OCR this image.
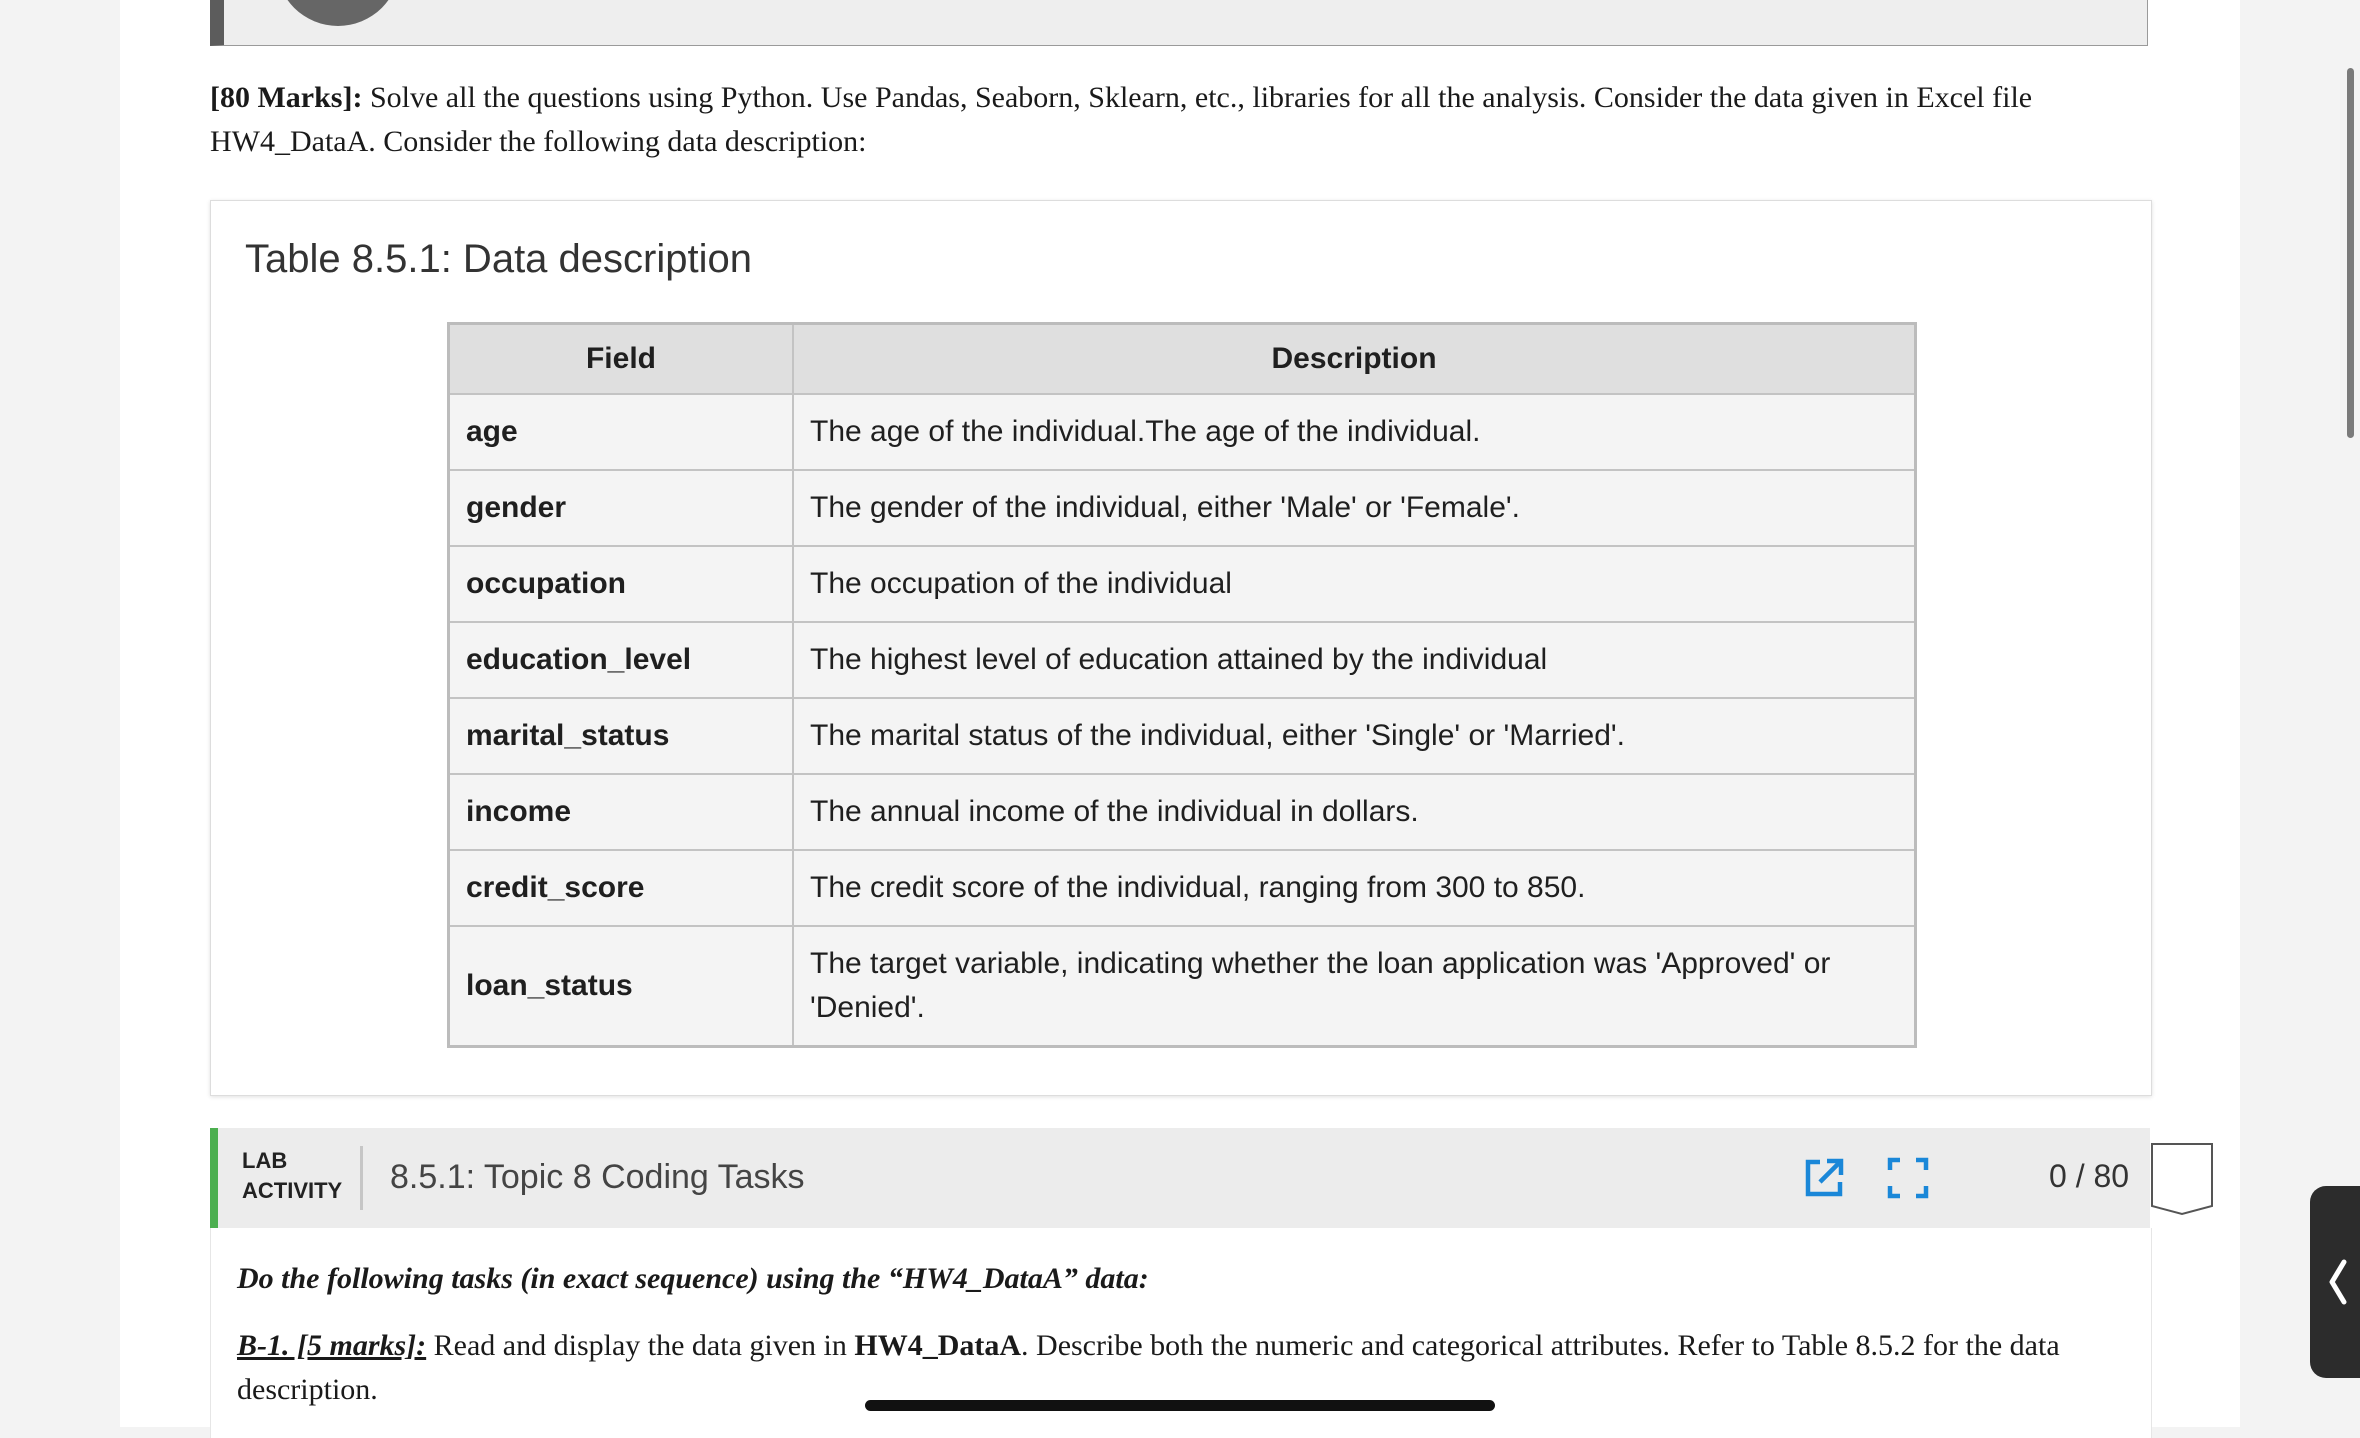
[80 Marks]: Solve all the questions using Python. Use Pandas, Seaborn, Sklearn, etc., libraries for all the analysis. Consider the data given in Excel file HW4_DataA. Consider the following data description:
Table 8.5.1: Data description
Field	Description
age	The age of the individual.The age of the individual.
gender	The gender of the individual, either 'Male' or 'Female'.
occupation	The occupation of the individual
education_level	The highest level of education attained by the individual
marital_status	The marital status of the individual, either 'Single' or 'Married'.
income	The annual income of the individual in dollars.
credit_score	The credit score of the individual, ranging from 300 to 850.
loan_status	The target variable, indicating whether the loan application was 'Approved' or 'Denied'.
LAB
ACTIVITY 8.5.1: Topic 8 Coding Tasks	0 / 80
Do the following tasks (in exact sequence) using the “HW4_DataA” data:
B-1. [5 marks]: Read and display the data given in HW4_DataA. Describe both the numeric and categorical attributes. Refer to Table 8.5.2 for the data description.
